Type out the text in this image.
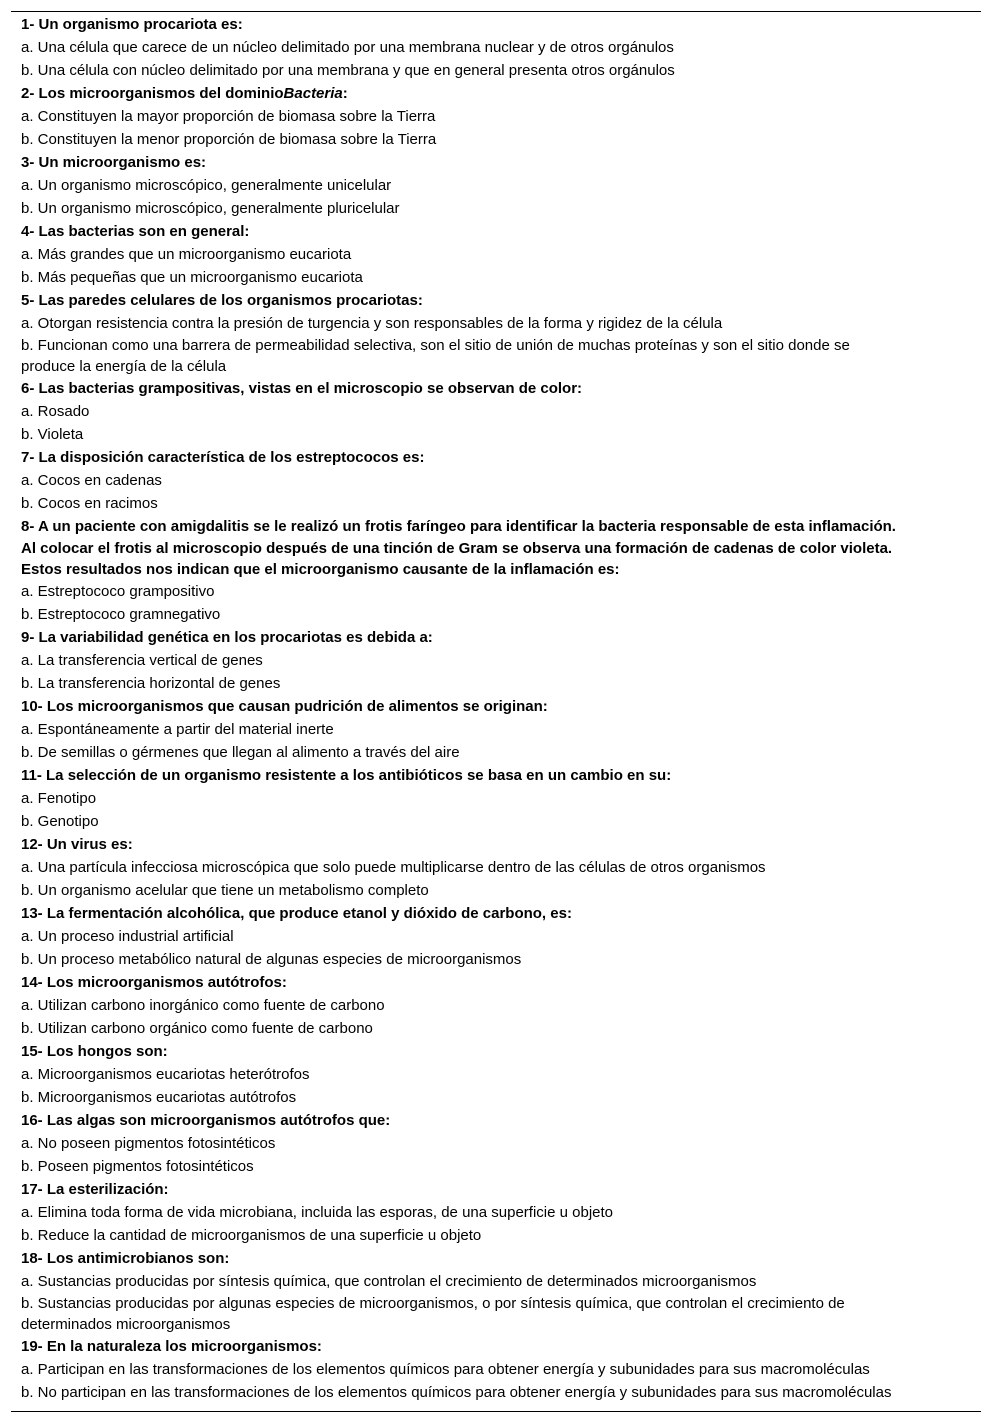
1- Un organismo procariota es:
a. Una célula que carece de un núcleo delimitado por una membrana nuclear y de otros orgánulos
b. Una célula con núcleo delimitado por una membrana y que en general presenta otros orgánulos
2- Los microorganismos del dominioBacteria:
a. Constituyen la mayor proporción de biomasa sobre la Tierra
b. Constituyen la menor proporción de biomasa sobre la Tierra
3- Un microorganismo es:
a. Un organismo microscópico, generalmente unicelular
b. Un organismo microscópico, generalmente pluricelular
4- Las bacterias son en general:
a. Más grandes que un microorganismo eucariota
b. Más pequeñas que un microorganismo eucariota
5- Las paredes celulares de los organismos procariotas:
a. Otorgan resistencia contra la presión de turgencia y son responsables de la forma y rigidez de la célula
b. Funcionan como una barrera de permeabilidad selectiva, son el sitio de unión de muchas proteínas y son el sitio donde se
produce la energía de la célula
6- Las bacterias grampositivas, vistas en el microscopio se observan de color:
a. Rosado
b. Violeta
7- La disposición característica de los estreptococos es:
a. Cocos en cadenas
b. Cocos en racimos
8- A un paciente con amigdalitis se le realizó un frotis faríngeo para identificar la bacteria responsable de esta inflamación.
Al colocar el frotis al microscopio después de una tinción de Gram se observa una formación de cadenas de color violeta.
Estos resultados nos indican que el microorganismo causante de la inflamación es:
a. Estreptococo grampositivo
b. Estreptococo gramnegativo
9- La variabilidad genética en los procariotas es debida a:
a. La transferencia vertical de genes
b. La transferencia horizontal de genes
10- Los microorganismos que causan pudrición de alimentos se originan:
a. Espontáneamente a partir del material inerte
b. De semillas o gérmenes que llegan al alimento a través del aire
11- La selección de un organismo resistente a los antibióticos se basa en un cambio en su:
a. Fenotipo
b. Genotipo
12- Un virus es:
a. Una partícula infecciosa microscópica que solo puede multiplicarse dentro de las células de otros organismos
b. Un organismo acelular que tiene un metabolismo completo
13- La fermentación alcohólica, que produce etanol y dióxido de carbono, es:
a. Un proceso industrial artificial
b. Un proceso metabólico natural de algunas especies de microorganismos
14- Los microorganismos autótrofos:
a. Utilizan carbono inorgánico como fuente de carbono
b. Utilizan carbono orgánico como fuente de carbono
15- Los hongos son:
a. Microorganismos eucariotas heterótrofos
b. Microorganismos eucariotas autótrofos
16- Las algas son microorganismos autótrofos que:
a. No poseen pigmentos fotosintéticos
b. Poseen pigmentos fotosintéticos
17- La esterilización:
a. Elimina toda forma de vida microbiana, incluida las esporas, de una superficie u objeto
b. Reduce la cantidad de microorganismos de una superficie u objeto
18- Los antimicrobianos son:
a. Sustancias producidas por síntesis química, que controlan el crecimiento de determinados microorganismos
b. Sustancias producidas por algunas especies de microorganismos, o por síntesis química, que controlan el crecimiento de
determinados microorganismos
19- En la naturaleza los microorganismos:
a. Participan en las transformaciones de los elementos químicos para obtener energía y subunidades para sus macromoléculas
b. No participan en las transformaciones de los elementos químicos para obtener energía y subunidades para sus macromoléculas
